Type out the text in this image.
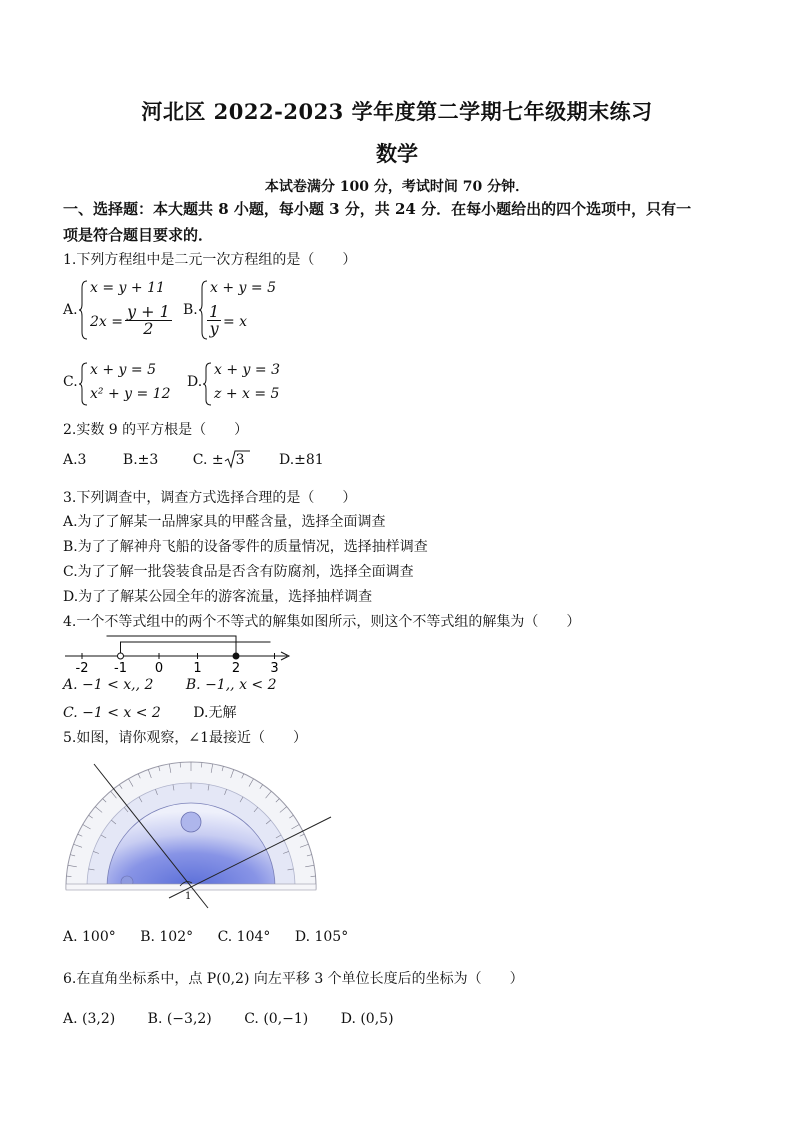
河北区 2022-2023 学年度第二学期七年级期末练习
数学
本试卷满分 100 分，考试时间 70 分钟．
一、选择题：本大题共 8 小题，每小题 3 分，共 24 分．在每小题给出的四个选项中，只有一
项是符合题目要求的．
1.下列方程组中是二元一次方程组的是（　　）
A.
x = y + 11
$2x = \frac{y + 1}{2} B$.
x + y = 5
$\frac{1}{y} = x$
C.
x + y = 5
x² + y = 12
D.
x + y = 3
z + x = 5
2.实数 9 的平方根是（　　）
A.3	B.±3 C. ± 3 D.±81
3.下列调查中，调查方式选择合理的是（　　）
A.为了了解某一品牌家具的甲醛含量，选择全面调查
B.为了了解神舟飞船的设备零件的质量情况，选择抽样调查
C.为了了解一批袋装食品是否含有防腐剂，选择全面调查
D.为了了解某公园全年的游客流量，选择抽样调查
4.一个不等式组中的两个不等式的解集如图所示，则这个不等式组的解集为（　　）
-2 -1 0 1 2 3
A. −1 < x,, 2 B. −1,, x < 2
C. −1 < x < 2 D.无解
5.如图，请你观察，∠1最接近（　　）
1
A. 100° B. 102° C. 104° D. 105°
6.在直角坐标系中，点 P(0,2) 向左平移 3 个单位长度后的坐标为（　　）
A. (3,2) B. (−3,2) C. (0,−1) D. (0,5)
